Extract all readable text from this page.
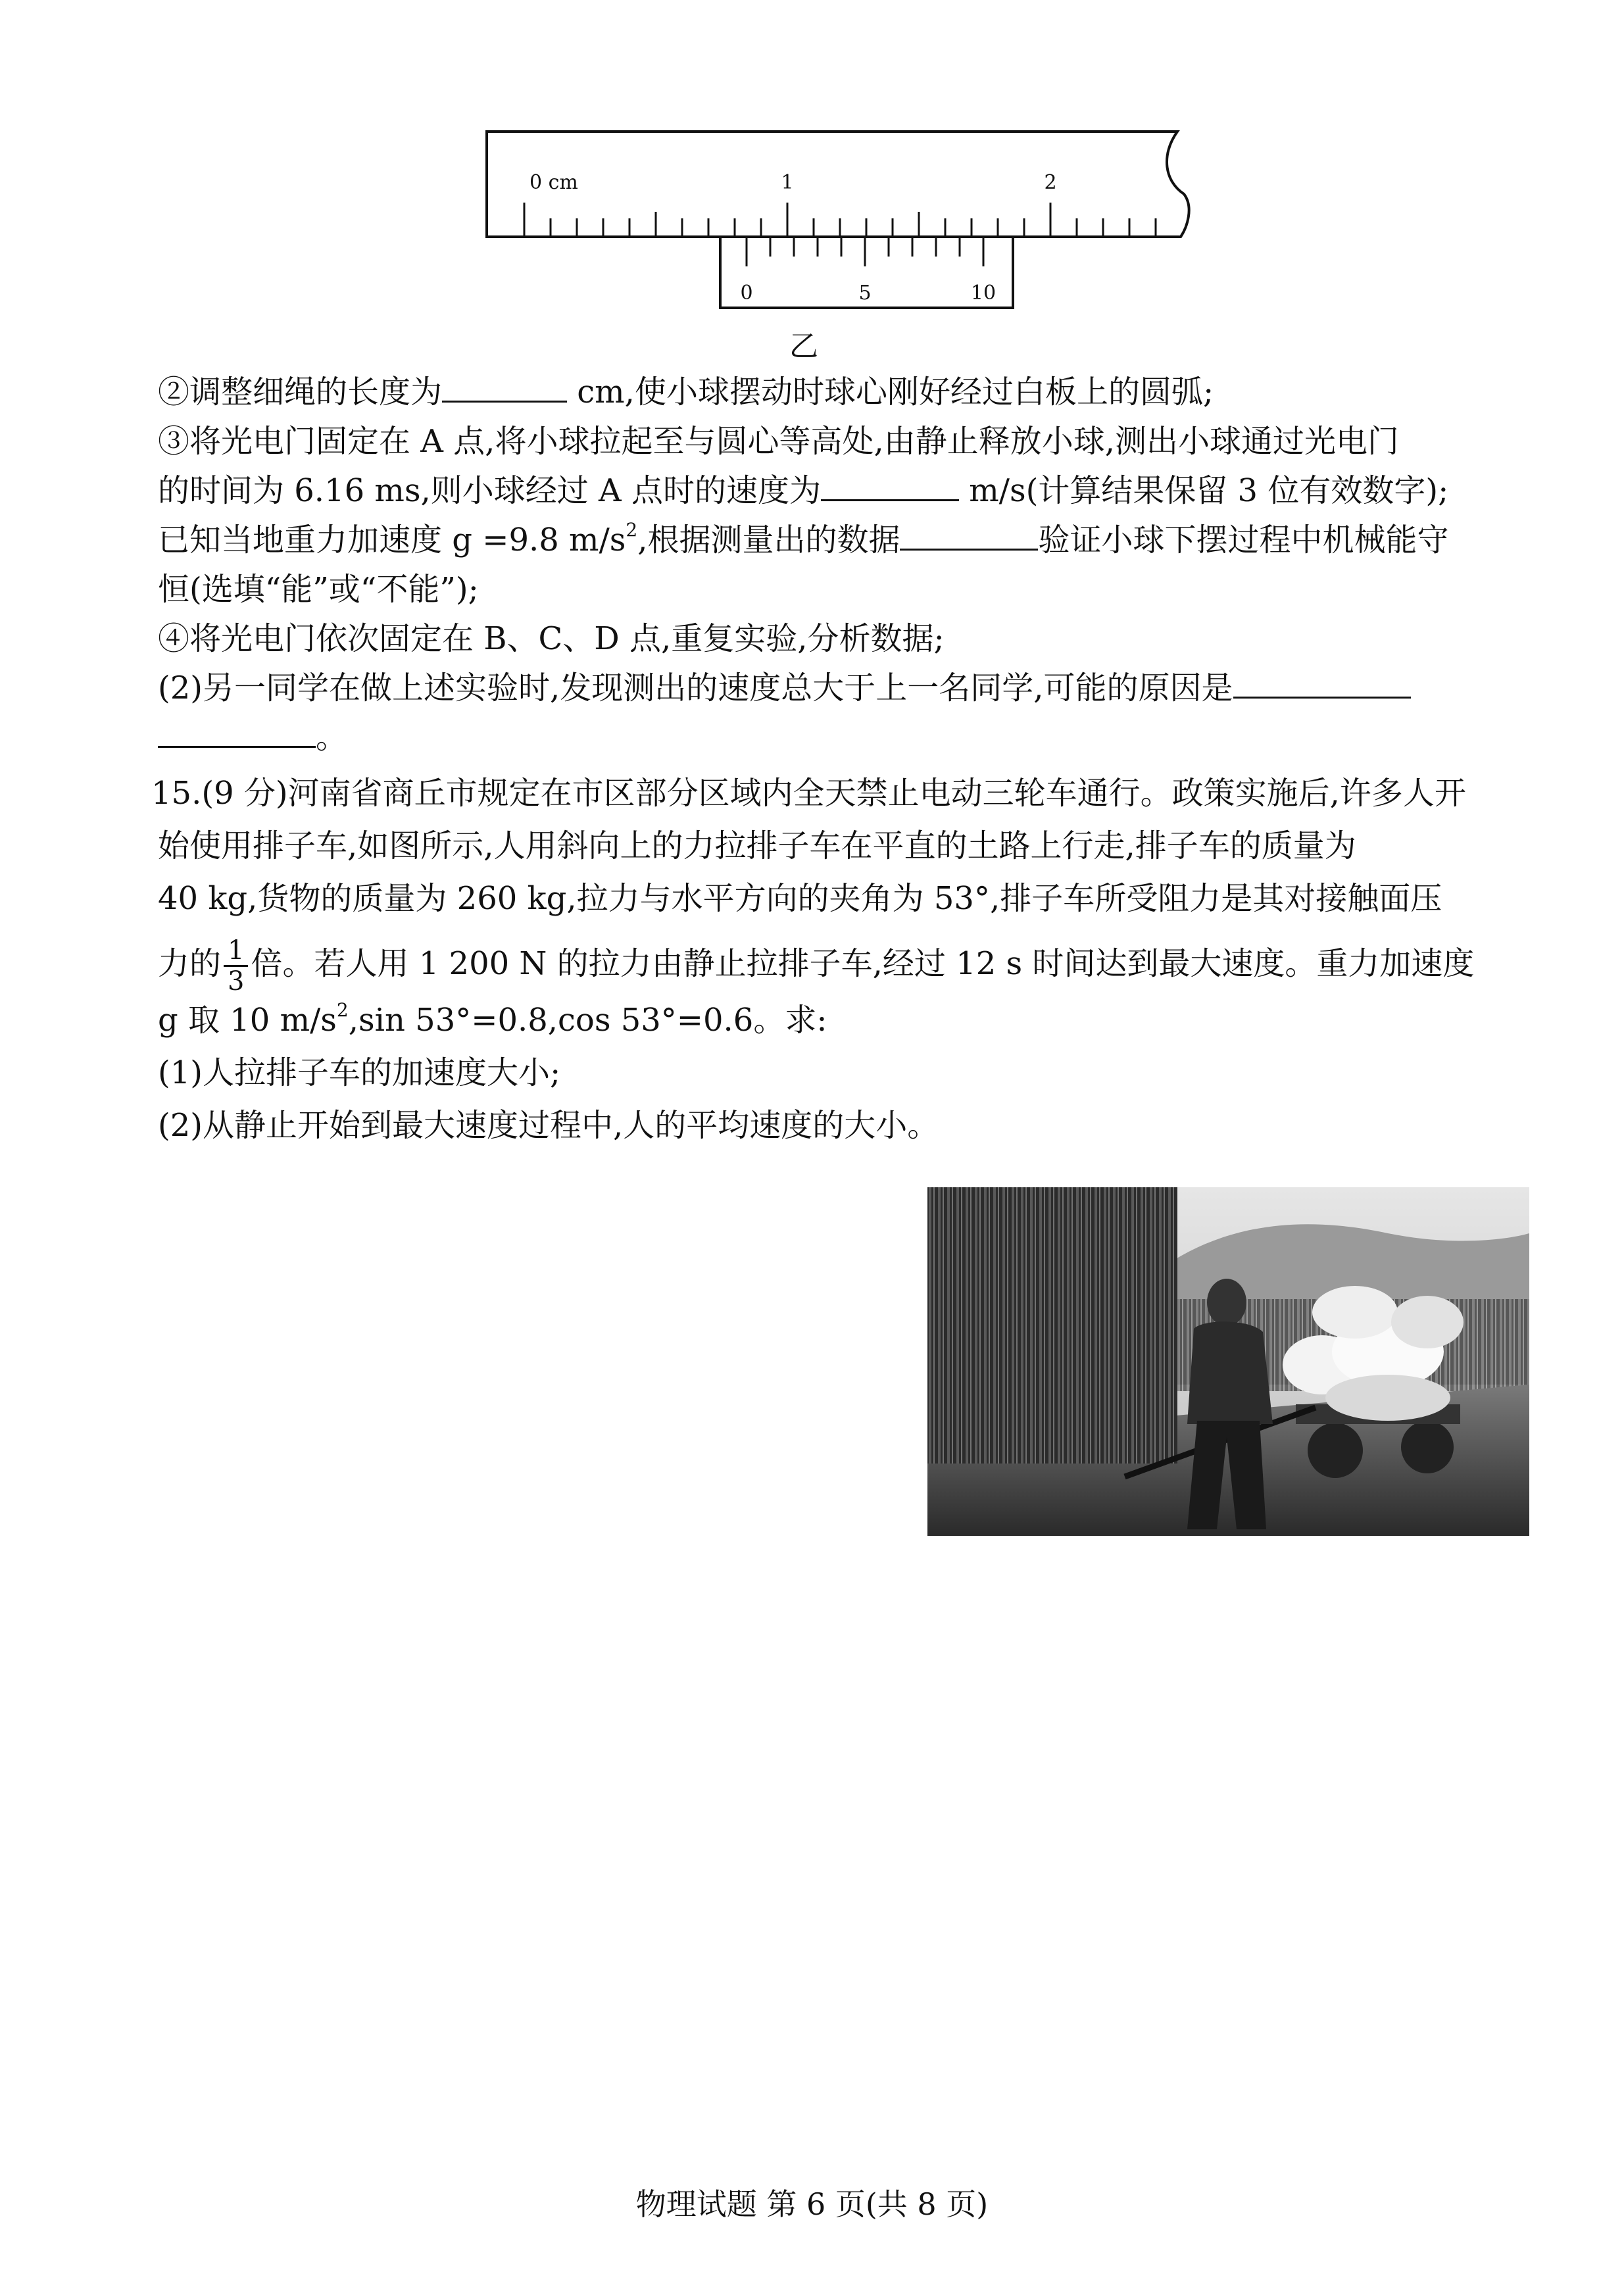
0 cm	1	2
0	5	10
乙
②调整细绳的长度为	cm,使小球摆动时球心刚好经过白板上的圆弧;
③将光电门固定在 A 点,将小球拉起至与圆心等高处,由静止释放小球,测出小球通过光电门
的时间为 6.16 ms,则小球经过 A 点时的速度为	m/s(计算结果保留 3 位有效数字);
已知当地重力加速度 g =9.8 $m/s^2$,根据测量出的数据	验证小球下摆过程中机械能守
恒(选填“能”或“不能”);
④将光电门依次固定在 B、C、D 点,重复实验,分析数据;
(2)另一同学在做上述实验时,发现测出的速度总大于上一名同学,可能的原因是
。
15.(9 分)河南省商丘市规定在市区部分区域内全天禁止电动三轮车通行。政策实施后,许多人开
始使用排子车,如图所示,人用斜向上的力拉排子车在平直的土路上行走,排子车的质量为
40 kg,货物的质量为 260 kg,拉力与水平方向的夹角为 53°,排子车所受阻力是其对接触面压
力的 $\frac{1}{3}$ 倍。若人用 1 200 N 的拉力由静止拉排子车,经过 12 s 时间达到最大速度。重力加速度
g 取 10 $m/s^2,\sin$ 53°=0.8,cos 53°=0.6。求:
(1)人拉排子车的加速度大小;
(2)从静止开始到最大速度过程中,人的平均速度的大小。
物理试题 第 6 页(共 8 页)
